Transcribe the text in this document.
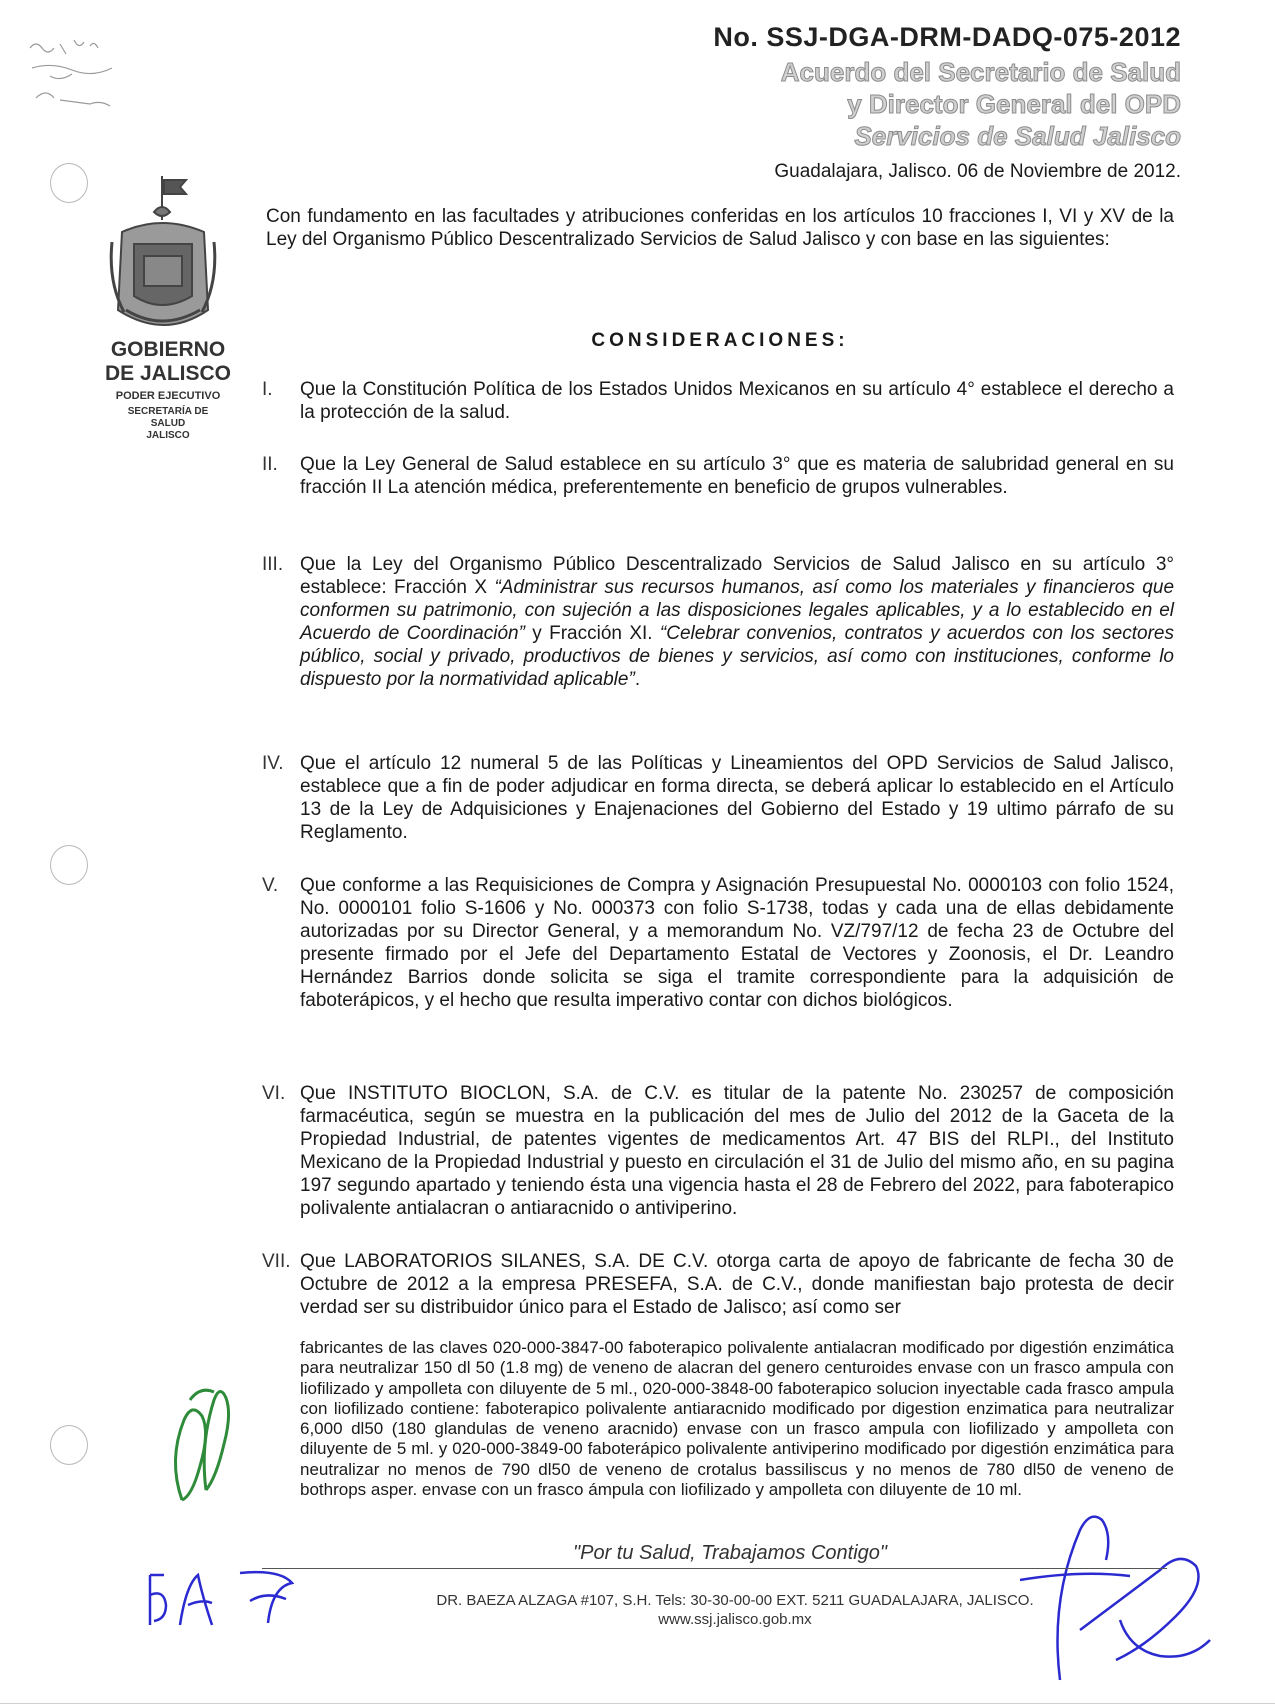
GOBIERNO
DE JALISCO
PODER EJECUTIVO
SECRETARÍA DE
SALUD
JALISCO
No. SSJ-DGA-DRM-DADQ-075-2012
Acuerdo del Secretario de Salud
y Director General del OPD
Servicios de Salud Jalisco
Guadalajara, Jalisco. 06 de Noviembre de 2012.
Con fundamento en las facultades y atribuciones conferidas en los artículos 10 fracciones I, VI y XV de la Ley del Organismo Público Descentralizado Servicios de Salud Jalisco y con base en las siguientes:
CONSIDERACIONES:
I.	Que la Constitución Política de los Estados Unidos Mexicanos en su artículo 4° establece el derecho a la protección de la salud.
II.	Que la Ley General de Salud establece en su artículo 3° que es materia de salubridad general en su fracción II La atención médica, preferentemente en beneficio de grupos vulnerables.
III. Que la Ley del Organismo Público Descentralizado Servicios de Salud Jalisco en su artículo 3° establece: Fracción X “Administrar sus recursos humanos, así como los materiales y financieros que conformen su patrimonio, con sujeción a las disposiciones legales aplicables, y a lo establecido en el Acuerdo de Coordinación” y Fracción XI. “Celebrar convenios, contratos y acuerdos con los sectores público, social y privado, productivos de bienes y servicios, así como con instituciones, conforme lo dispuesto por la normatividad aplicable”.
IV. Que el artículo 12 numeral 5 de las Políticas y Lineamientos del OPD Servicios de Salud Jalisco, establece que a fin de poder adjudicar en forma directa, se deberá aplicar lo establecido en el Artículo 13 de la Ley de Adquisiciones y Enajenaciones del Gobierno del Estado y 19 ultimo párrafo de su Reglamento.
V.	Que conforme a las Requisiciones de Compra y Asignación Presupuestal No. 0000103 con folio 1524, No. 0000101 folio S-1606 y No. 000373 con folio S-1738, todas y cada una de ellas debidamente autorizadas por su Director General, y a memorandum No. VZ/797/12 de fecha 23 de Octubre del presente firmado por el Jefe del Departamento Estatal de Vectores y Zoonosis, el Dr. Leandro Hernández Barrios donde solicita se siga el tramite correspondiente para la adquisición de faboterápicos, y el hecho que resulta imperativo contar con dichos biológicos.
VI. Que INSTITUTO BIOCLON, S.A. de C.V. es titular de la patente No. 230257 de composición farmacéutica, según se muestra en la publicación del mes de Julio del 2012 de la Gaceta de la Propiedad Industrial, de patentes vigentes de medicamentos Art. 47 BIS del RLPI., del Instituto Mexicano de la Propiedad Industrial y puesto en circulación el 31 de Julio del mismo año, en su pagina 197 segundo apartado y teniendo ésta una vigencia hasta el 28 de Febrero del 2022, para faboterapico polivalente antialacran o antiaracnido o antiviperino.
VII. Que LABORATORIOS SILANES, S.A. DE C.V. otorga carta de apoyo de fabricante de fecha 30 de Octubre de 2012 a la empresa PRESEFA, S.A. de C.V., donde manifiestan bajo protesta de decir verdad ser su distribuidor único para el Estado de Jalisco; así como ser
fabricantes de las claves 020-000-3847-00 faboterapico polivalente antialacran modificado por digestión enzimática para neutralizar 150 dl 50 (1.8 mg) de veneno de alacran del genero centuroides envase con un frasco ampula con liofilizado y ampolleta con diluyente de 5 ml., 020-000-3848-00 faboterapico solucion inyectable cada frasco ampula con liofilizado contiene: faboterapico polivalente antiaracnido modificado por digestion enzimatica para neutralizar 6,000 dl50 (180 glandulas de veneno aracnido) envase con un frasco ampula con liofilizado y ampolleta con diluyente de 5 ml. y 020-000-3849-00 faboterápico polivalente antiviperino modificado por digestión enzimática para neutralizar no menos de 790 dl50 de veneno de crotalus bassiliscus y no menos de 780 dl50 de veneno de bothrops asper. envase con un frasco ámpula con liofilizado y ampolleta con diluyente de 10 ml.
"Por tu Salud, Trabajamos Contigo"
DR. BAEZA ALZAGA #107, S.H. Tels: 30-30-00-00 EXT. 5211 GUADALAJARA, JALISCO.
www.ssj.jalisco.gob.mx
